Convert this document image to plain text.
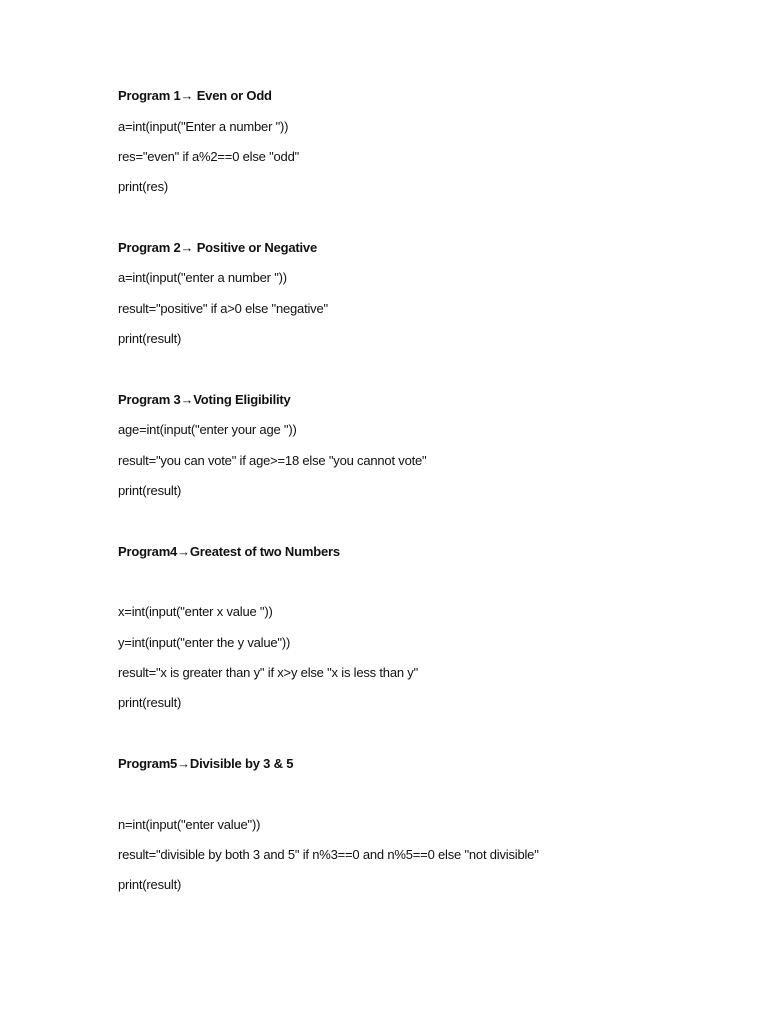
Program 1→ Even or Odd
a=int(input("Enter a number "))
res="even" if a%2==0 else "odd"
print(res)
Program 2→ Positive or Negative
a=int(input("enter a number "))
result="positive" if a>0 else "negative"
print(result)
Program 3→Voting Eligibility
age=int(input("enter your age "))
result="you can vote" if age>=18 else "you cannot vote"
print(result)
Program4→Greatest of two Numbers
x=int(input("enter x value "))
y=int(input("enter the y value"))
result="x is greater than y" if x>y else "x is less than y"
print(result)
Program5→Divisible by 3 & 5
n=int(input("enter value"))
result="divisible by both 3 and 5" if n%3==0 and n%5==0 else "not divisible"
print(result)
